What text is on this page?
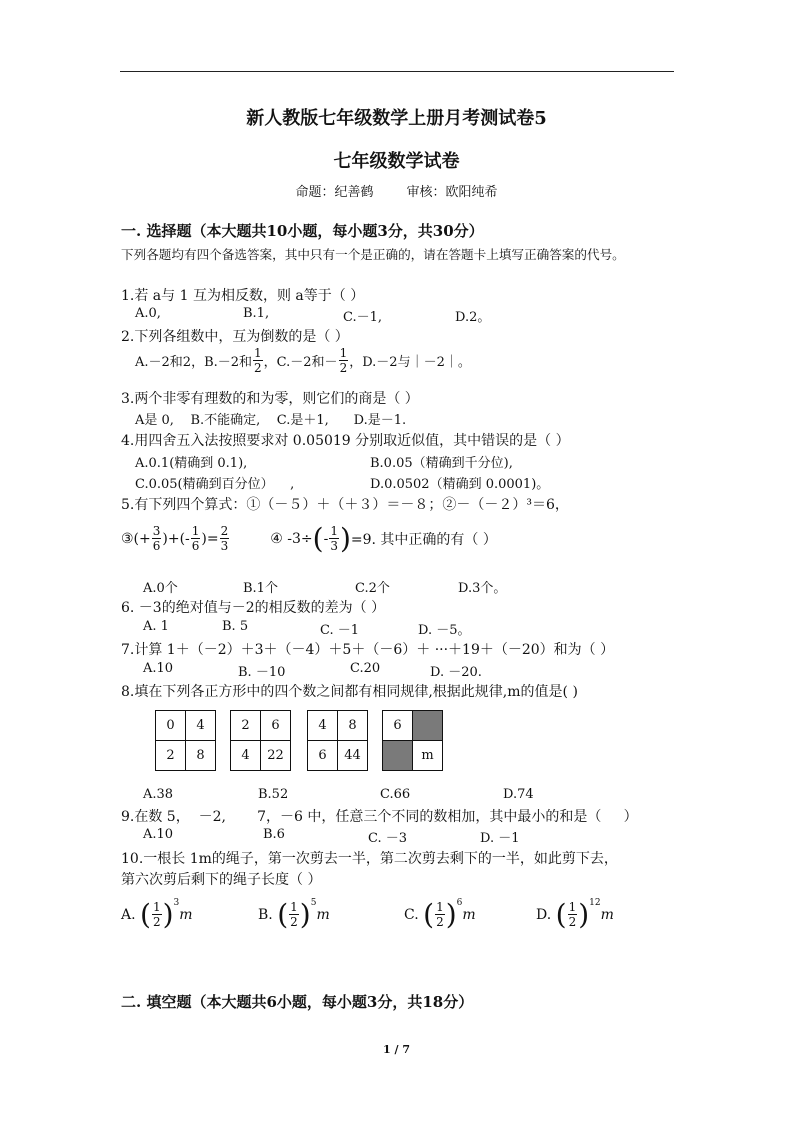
新人教版七年级数学上册月考测试卷5
七年级数学试卷
命题：纪善鹤        审核：欧阳纯希
一. 选择题（本大题共10小题，每小题3分，共30分）
下列各题均有四个备选答案，其中只有一个是正确的，请在答题卡上填写正确答案的代号。
1.若 a与 1 互为相反数，则 a等于（ ）
A.0,	B.1,	C.－1,	D.2。
2.下列各组数中，互为倒数的是（ ）
A.－2和2，B.－2和 $\frac{1}{2}$ ，C.－2和－ $\frac{1}{2}$ ，D.－2与｜－2｜。
3.两个非零有理数的和为零，则它们的商是（ ）
A是 0,    B.不能确定,    C.是＋1,      D.是－1.
4.用四舍五入法按照要求对 0.05019 分别取近似值，其中错误的是（ ）
A.0.1(精确到 0.1),	B.0.05（精确到千分位),
C.0.05(精确到百分位）    ,	D.0.0502（精确到 0.0001)。
5.有下列四个算式：①（－５）＋（＋３）＝－８；②－（－２）³＝6，
③(+ $\frac{3}{6}$ )+(- $\frac{1}{6}$ )= $\frac{2}{3}$	④ -3÷ ( - $\frac{1}{3}$ ) =9. 其中正确的有（ ）
A.0个	B.1个	C.2个	D.3个。
6. －3的绝对值与－2的相反数的差为（ ）
A. 1	B. 5	C. －1	D. －5。
7.计算 1＋（－2）＋3＋（－4）＋5＋（－6）＋ ···＋19＋（－20）和为（ ）
A.10	B. －10	C.20	D. －20.
8.填在下列各正方形中的四个数之间都有相同规律,根据此规律,m的值是( )
0	4
2	8
2	6
4	22
4	8
6	44
6	
	m
A.38	B.52	C.66	D.74
9.在数 5，  －2,       7，－6 中，任意三个不同的数相加，其中最小的和是（     ）
A.10	B.6	C. －3	D. －1
10.一根长 1m的绳子，第一次剪去一半，第二次剪去剩下的一半，如此剪下去，
第六次剪后剩下的绳子长度（ ）
A.
( $\frac{1}{2}$ ) 3
m	B.
( $\frac{1}{2}$ ) 5
m	C.
( $\frac{1}{2}$ ) 6
m	D.
( $\frac{1}{2}$ ) 12
m
二. 填空题（本大题共6小题，每小题3分，共18分）
1 / 7
